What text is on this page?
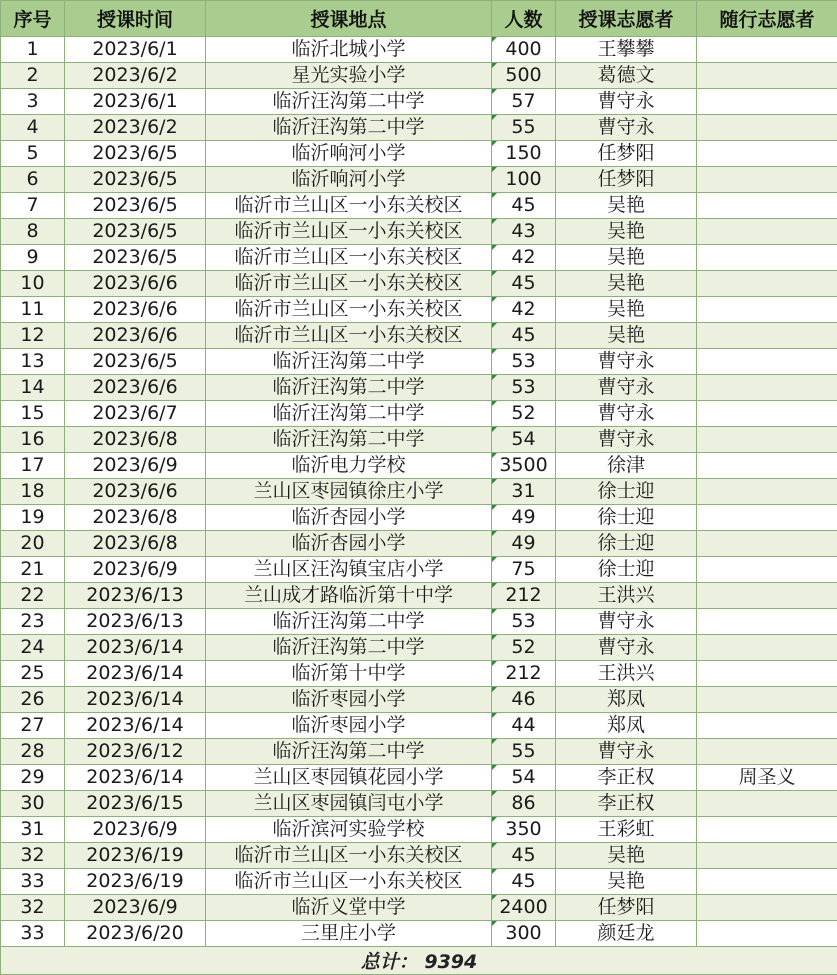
序号	授课时间	授课地点	人数	授课志愿者	随行志愿者
1	2023/6/1	临沂北城小学	400	王攀攀	
2	2023/6/2	星光实验小学	500	葛德文	
3	2023/6/1	临沂汪沟第二中学	57	曹守永	
4	2023/6/2	临沂汪沟第二中学	55	曹守永	
5	2023/6/5	临沂响河小学	150	任梦阳	
6	2023/6/5	临沂响河小学	100	任梦阳	
7	2023/6/5	临沂市兰山区一小东关校区	45	吴艳	
8	2023/6/5	临沂市兰山区一小东关校区	43	吴艳	
9	2023/6/5	临沂市兰山区一小东关校区	42	吴艳	
10	2023/6/6	临沂市兰山区一小东关校区	45	吴艳	
11	2023/6/6	临沂市兰山区一小东关校区	42	吴艳	
12	2023/6/6	临沂市兰山区一小东关校区	45	吴艳	
13	2023/6/5	临沂汪沟第二中学	53	曹守永	
14	2023/6/6	临沂汪沟第二中学	53	曹守永	
15	2023/6/7	临沂汪沟第二中学	52	曹守永	
16	2023/6/8	临沂汪沟第二中学	54	曹守永	
17	2023/6/9	临沂电力学校	3500	徐津	
18	2023/6/6	兰山区枣园镇徐庄小学	31	徐士迎	
19	2023/6/8	临沂杏园小学	49	徐士迎	
20	2023/6/8	临沂杏园小学	49	徐士迎	
21	2023/6/9	兰山区汪沟镇宝店小学	75	徐士迎	
22	2023/6/13	兰山成才路临沂第十中学	212	王洪兴	
23	2023/6/13	临沂汪沟第二中学	53	曹守永	
24	2023/6/14	临沂汪沟第二中学	52	曹守永	
25	2023/6/14	临沂第十中学	212	王洪兴	
26	2023/6/14	临沂枣园小学	46	郑凤	
27	2023/6/14	临沂枣园小学	44	郑凤	
28	2023/6/12	临沂汪沟第二中学	55	曹守永	
29	2023/6/14	兰山区枣园镇花园小学	54	李正权	周圣义
30	2023/6/15	兰山区枣园镇闫屯小学	86	李正权	
31	2023/6/9	临沂滨河实验学校	350	王彩虹	
32	2023/6/19	临沂市兰山区一小东关校区	45	吴艳	
33	2023/6/19	临沂市兰山区一小东关校区	45	吴艳	
32	2023/6/9	临沂义堂中学	2400	任梦阳	
33	2023/6/20	三里庄小学	300	颜廷龙	
总计： 9394					
